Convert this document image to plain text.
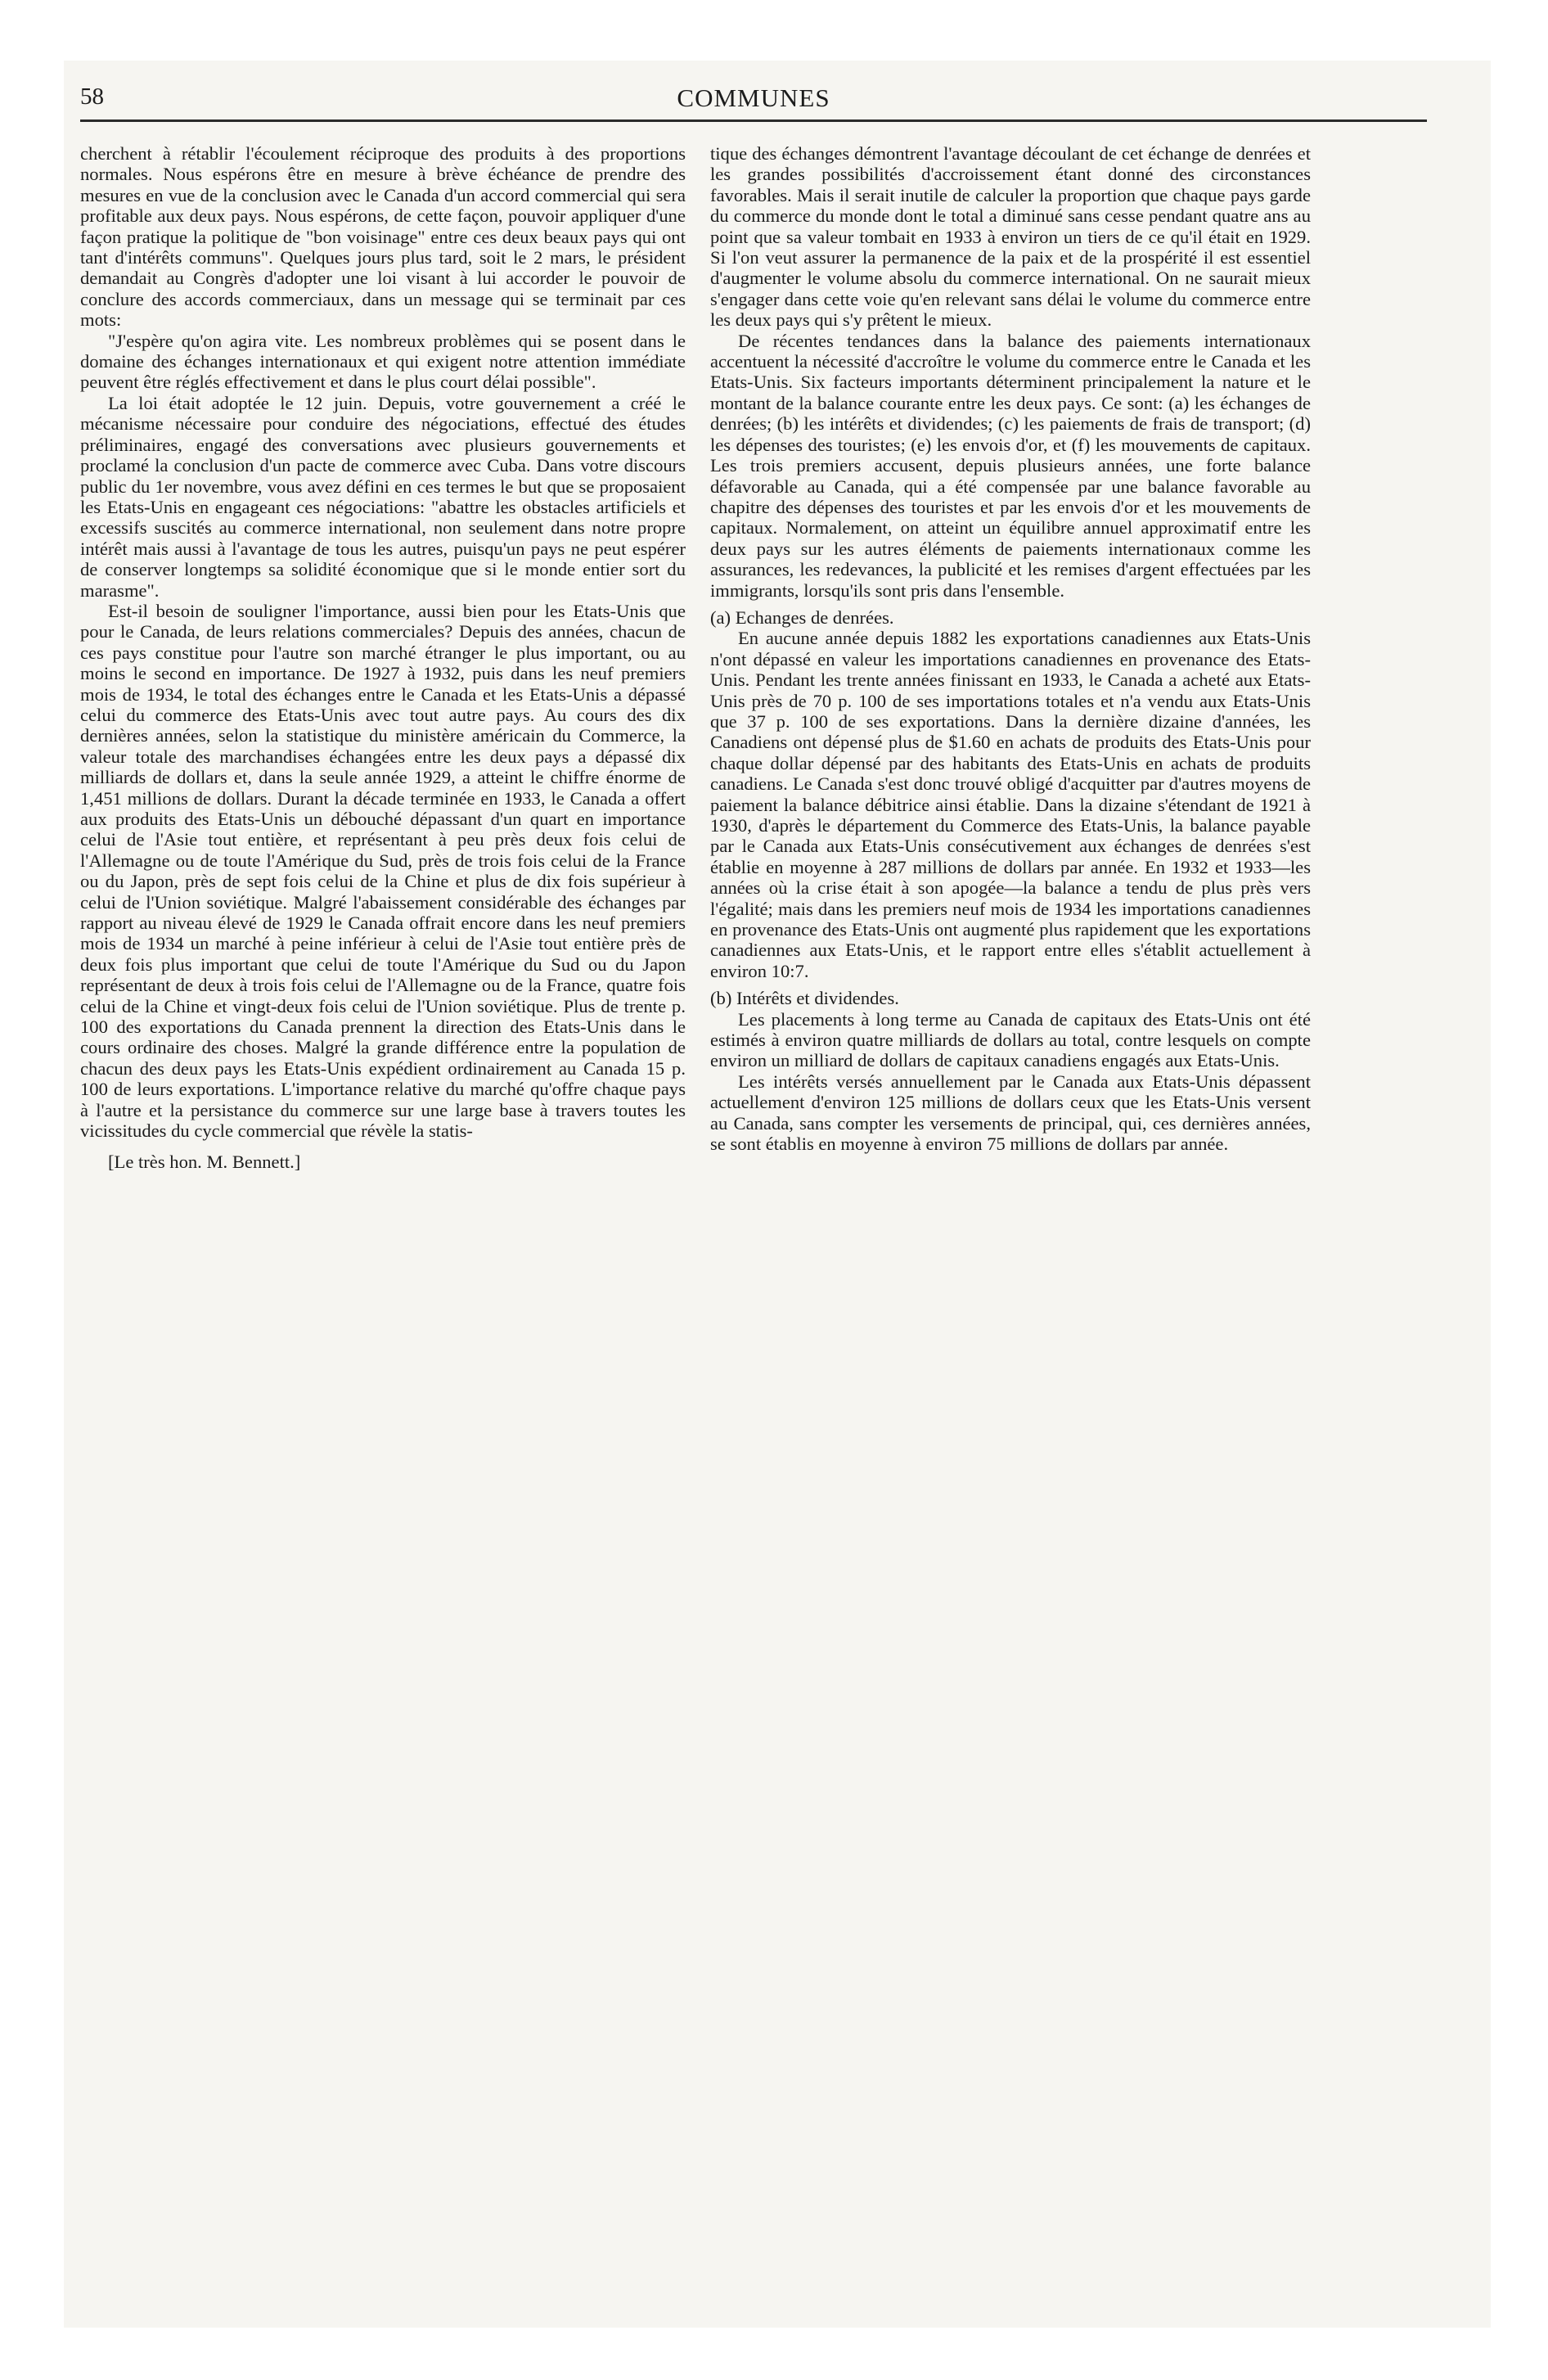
58	COMMUNES

cherchent à rétablir l'écoulement réciproque des produits à des proportions normales. Nous espérons être en mesure à brève échéance de prendre des mesures en vue de la conclusion avec le Canada d'un accord commercial qui sera profitable aux deux pays. Nous espérons, de cette façon, pouvoir appliquer d'une façon pratique la politique de "bon voisinage" entre ces deux beaux pays qui ont tant d'intérêts communs". Quelques jours plus tard, soit le 2 mars, le président demandait au Congrès d'adopter une loi visant à lui accorder le pouvoir de conclure des accords commerciaux, dans un message qui se terminait par ces mots:

"J'espère qu'on agira vite. Les nombreux problèmes qui se posent dans le domaine des échanges internationaux et qui exigent notre attention immédiate peuvent être réglés effectivement et dans le plus court délai possible".

La loi était adoptée le 12 juin. Depuis, votre gouvernement a créé le mécanisme nécessaire pour conduire des négociations, effectué des études préliminaires, engagé des conversations avec plusieurs gouvernements et proclamé la conclusion d'un pacte de commerce avec Cuba. Dans votre discours public du 1er novembre, vous avez défini en ces termes le but que se proposaient les Etats-Unis en engageant ces négociations: "abattre les obstacles artificiels et excessifs suscités au commerce international, non seulement dans notre propre intérêt mais aussi à l'avantage de tous les autres, puisqu'un pays ne peut espérer de conserver longtemps sa solidité économique que si le monde entier sort du marasme".

Est-il besoin de souligner l'importance, aussi bien pour les Etats-Unis que pour le Canada, de leurs relations commerciales? Depuis des années, chacun de ces pays constitue pour l'autre son marché étranger le plus important, ou au moins le second en importance. De 1927 à 1932, puis dans les neuf premiers mois de 1934, le total des échanges entre le Canada et les Etats-Unis a dépassé celui du commerce des Etats-Unis avec tout autre pays. Au cours des dix dernières années, selon la statistique du ministère américain du Commerce, la valeur totale des marchandises échangées entre les deux pays a dépassé dix milliards de dollars et, dans la seule année 1929, a atteint le chiffre énorme de 1,451 millions de dollars. Durant la décade terminée en 1933, le Canada a offert aux produits des Etats-Unis un débouché dépassant d'un quart en importance celui de l'Asie tout entière, et représentant à peu près deux fois celui de l'Allemagne ou de toute l'Amérique du Sud, près de trois fois celui de la France ou du Japon, près de sept fois celui de la Chine et plus de dix fois supérieur à celui de l'Union soviétique. Malgré l'abaissement considérable des échanges par rapport au niveau élevé de 1929 le Canada offrait encore dans les neuf premiers mois de 1934 un marché à peine inférieur à celui de l'Asie tout entière près de deux fois plus important que celui de toute l'Amérique du Sud ou du Japon représentant de deux à trois fois celui de l'Allemagne ou de la France, quatre fois celui de la Chine et vingt-deux fois celui de l'Union soviétique. Plus de trente p. 100 des exportations du Canada prennent la direction des Etats-Unis dans le cours ordinaire des choses. Malgré la grande différence entre la population de chacun des deux pays les Etats-Unis expédient ordinairement au Canada 15 p. 100 de leurs exportations. L'importance relative du marché qu'offre chaque pays à l'autre et la persistance du commerce sur une large base à travers toutes les vicissitudes du cycle commercial que révèle la statis-

[Le très hon. M. Bennett.]

tique des échanges démontrent l'avantage découlant de cet échange de denrées et les grandes possibilités d'accroissement étant donné des circonstances favorables. Mais il serait inutile de calculer la proportion que chaque pays garde du commerce du monde dont le total a diminué sans cesse pendant quatre ans au point que sa valeur tombait en 1933 à environ un tiers de ce qu'il était en 1929. Si l'on veut assurer la permanence de la paix et de la prospérité il est essentiel d'augmenter le volume absolu du commerce international. On ne saurait mieux s'engager dans cette voie qu'en relevant sans délai le volume du commerce entre les deux pays qui s'y prêtent le mieux.

De récentes tendances dans la balance des paiements internationaux accentuent la nécessité d'accroître le volume du commerce entre le Canada et les Etats-Unis. Six facteurs importants déterminent principalement la nature et le montant de la balance courante entre les deux pays. Ce sont: (a) les échanges de denrées; (b) les intérêts et dividendes; (c) les paiements de frais de transport; (d) les dépenses des touristes; (e) les envois d'or, et (f) les mouvements de capitaux. Les trois premiers accusent, depuis plusieurs années, une forte balance défavorable au Canada, qui a été compensée par une balance favorable au chapitre des dépenses des touristes et par les envois d'or et les mouvements de capitaux. Normalement, on atteint un équilibre annuel approximatif entre les deux pays sur les autres éléments de paiements internationaux comme les assurances, les redevances, la publicité et les remises d'argent effectuées par les immigrants, lorsqu'ils sont pris dans l'ensemble.

(a) Echanges de denrées.

En aucune année depuis 1882 les exportations canadiennes aux Etats-Unis n'ont dépassé en valeur les importations canadiennes en provenance des Etats-Unis. Pendant les trente années finissant en 1933, le Canada a acheté aux Etats-Unis près de 70 p. 100 de ses importations totales et n'a vendu aux Etats-Unis que 37 p. 100 de ses exportations. Dans la dernière dizaine d'années, les Canadiens ont dépensé plus de $1.60 en achats de produits des Etats-Unis pour chaque dollar dépensé par des habitants des Etats-Unis en achats de produits canadiens. Le Canada s'est donc trouvé obligé d'acquitter par d'autres moyens de paiement la balance débitrice ainsi établie. Dans la dizaine s'étendant de 1921 à 1930, d'après le département du Commerce des Etats-Unis, la balance payable par le Canada aux Etats-Unis consécutivement aux échanges de denrées s'est établie en moyenne à 287 millions de dollars par année. En 1932 et 1933—les années où la crise était à son apogée—la balance a tendu de plus près vers l'égalité; mais dans les premiers neuf mois de 1934 les importations canadiennes en provenance des Etats-Unis ont augmenté plus rapidement que les exportations canadiennes aux Etats-Unis, et le rapport entre elles s'établit actuellement à environ 10:7.

(b) Intérêts et dividendes.

Les placements à long terme au Canada de capitaux des Etats-Unis ont été estimés à environ quatre milliards de dollars au total, contre lesquels on compte environ un milliard de dollars de capitaux canadiens engagés aux Etats-Unis.

Les intérêts versés annuellement par le Canada aux Etats-Unis dépassent actuellement d'environ 125 millions de dollars ceux que les Etats-Unis versent au Canada, sans compter les versements de principal, qui, ces dernières années, se sont établis en moyenne à environ 75 millions de dollars par année.
